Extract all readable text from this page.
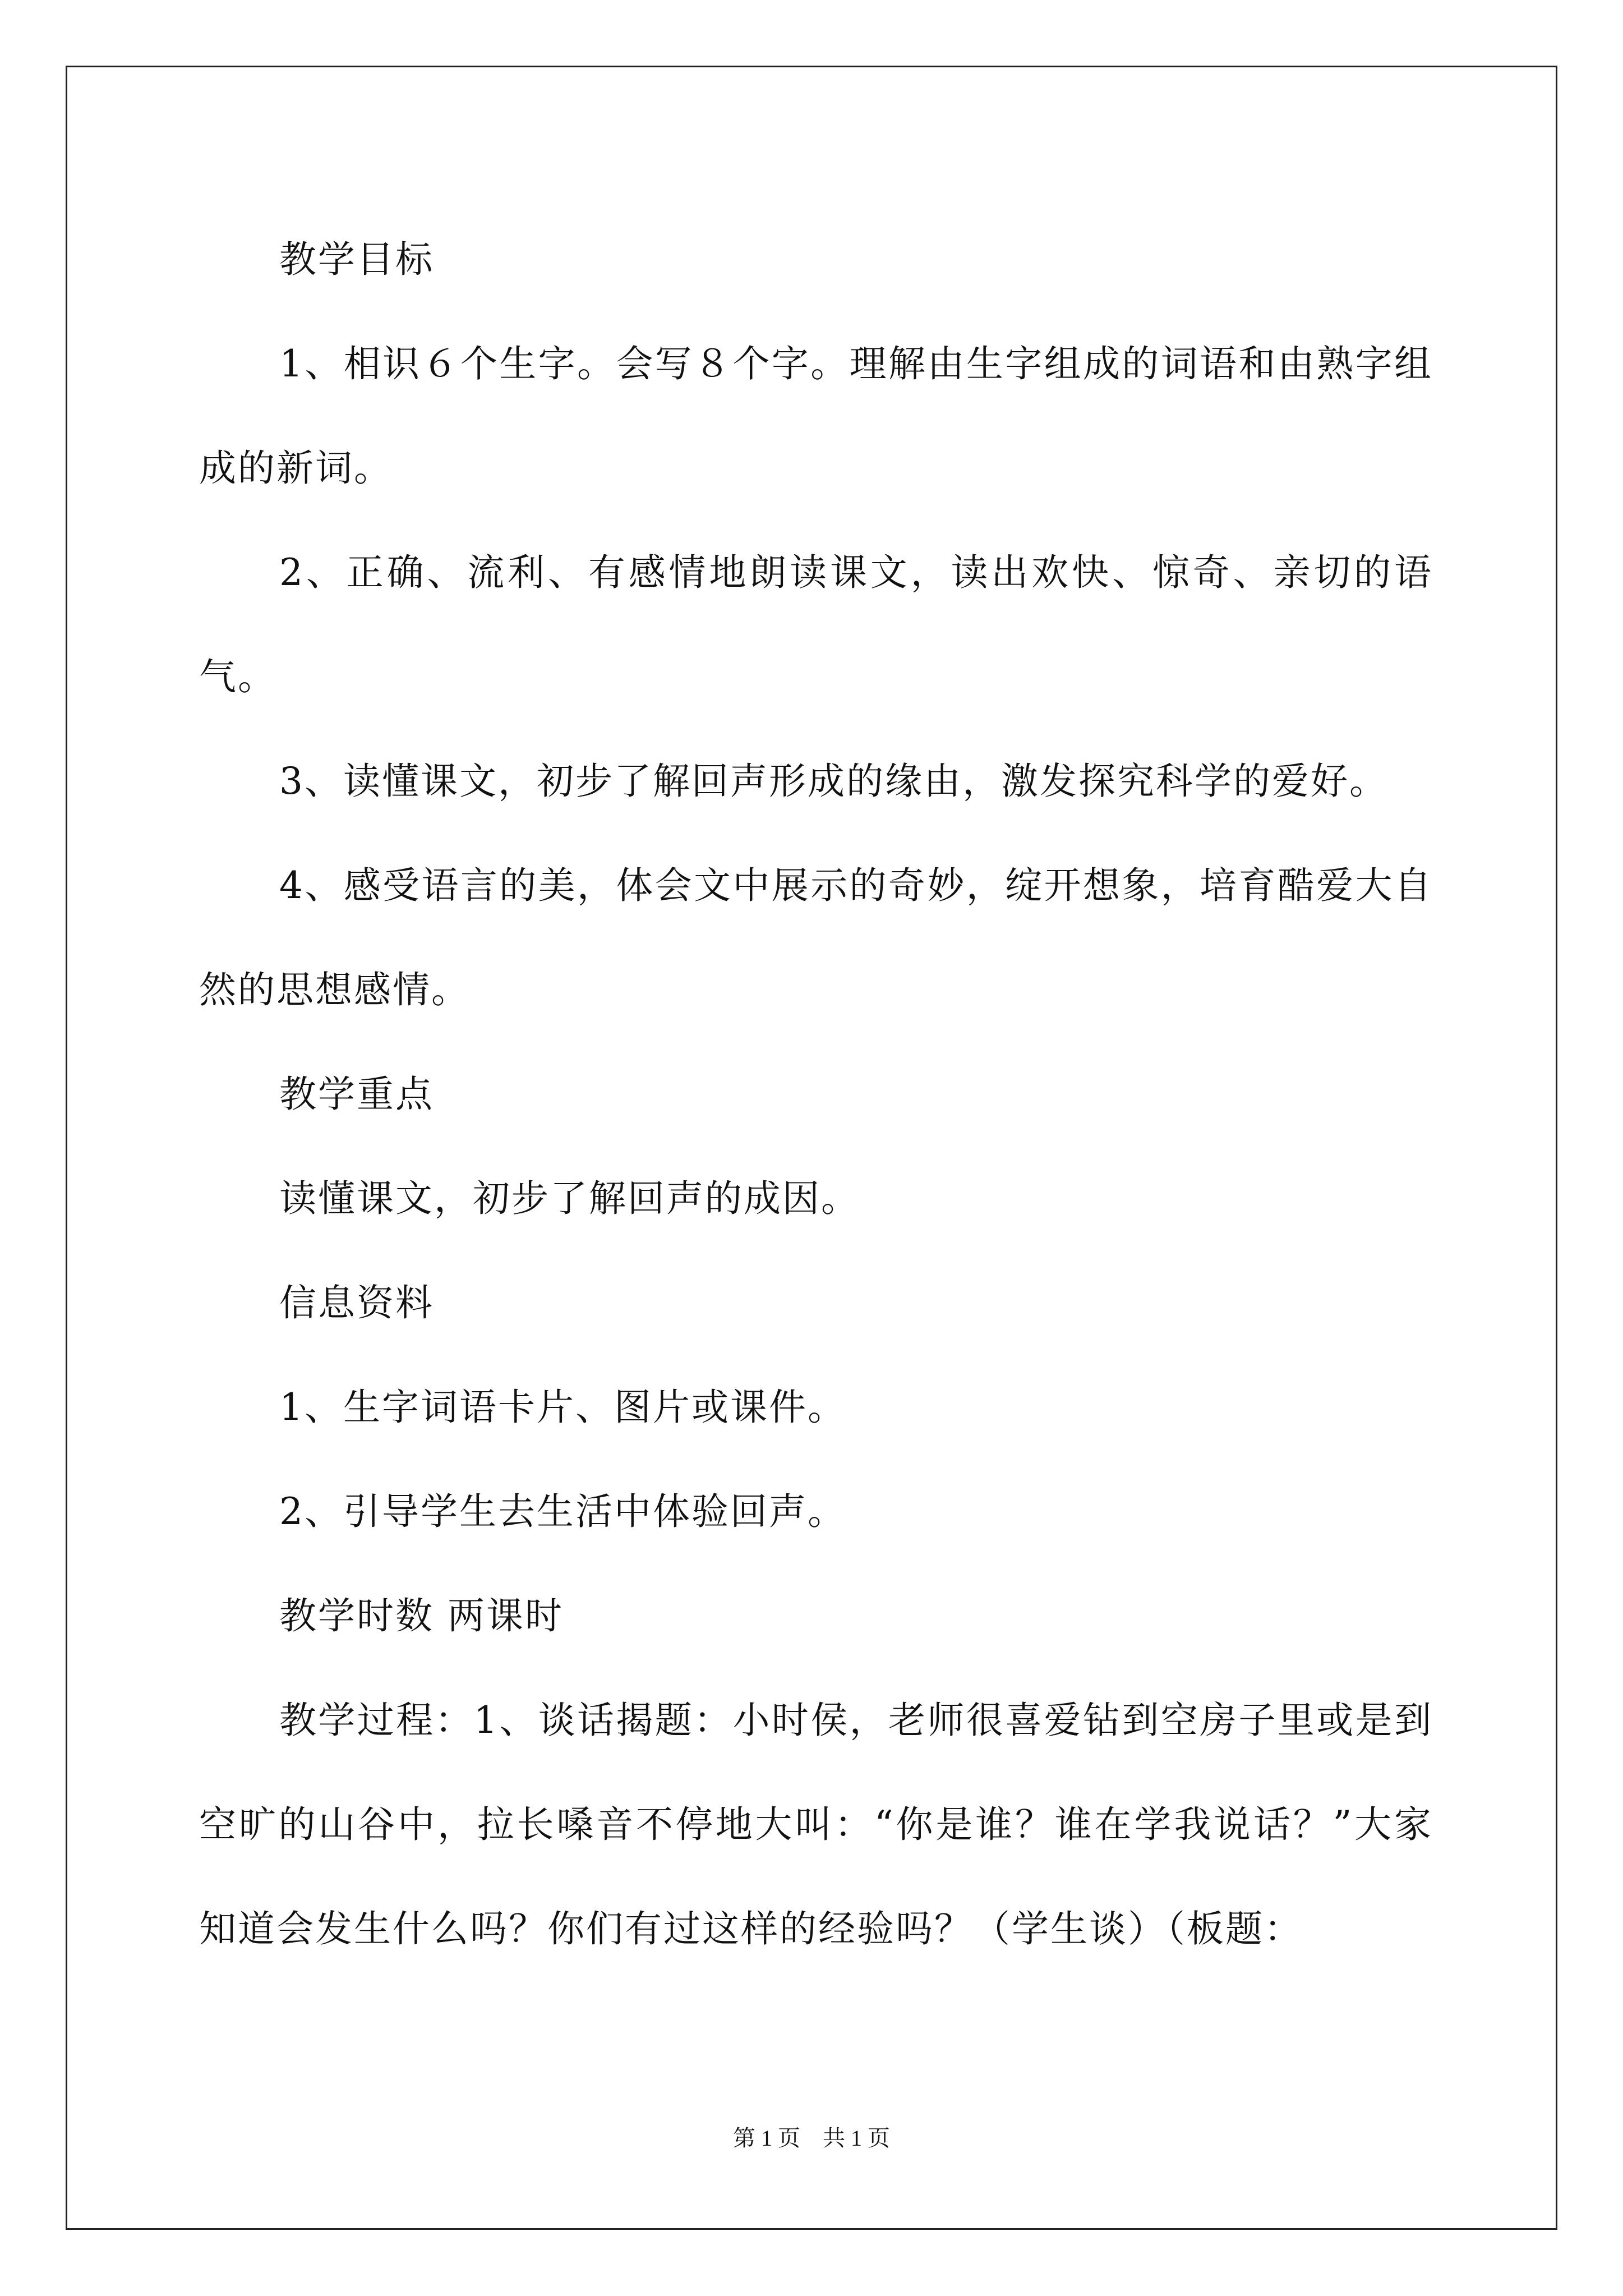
教学目标

1、相识６个生字。会写８个字。理解由生字组成的词语和由熟字组成的新词。

2、正确、流利、有感情地朗读课文，读出欢快、惊奇、亲切的语气。

3、读懂课文，初步了解回声形成的缘由，激发探究科学的爱好。

4、感受语言的美，体会文中展示的奇妙，绽开想象，培育酷爱大自然的思想感情。

教学重点

读懂课文，初步了解回声的成因。

信息资料

1、生字词语卡片、图片或课件。

2、引导学生去生活中体验回声。

教学时数 两课时

教学过程：1、谈话揭题：小时侯，老师很喜爱钻到空房子里或是到空旷的山谷中，拉长嗓音不停地大叫：“你是谁？谁在学我说话？”大家知道会发生什么吗？你们有过这样的经验吗？（学生谈）（板题：

第 1 页　共 1 页
